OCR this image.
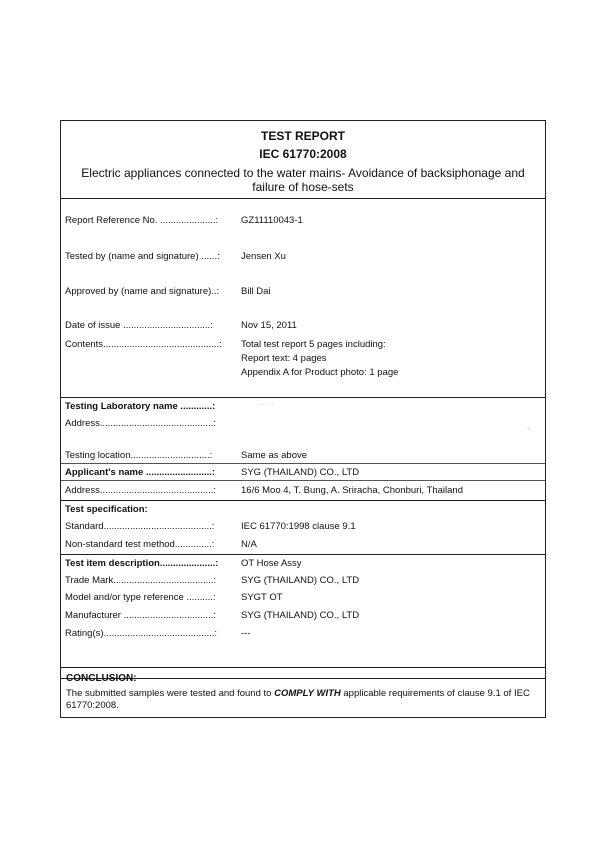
TEST REPORT
IEC 61770:2008
Electric appliances connected to the water mains- Avoidance of backsiphonage and failure of hose-sets
Report Reference No. .....................:	GZ11110043-1
Tested by (name and signature) ......:	Jensen Xu
Approved by (name and signature)..:	Bill Dai
Date of issue .................................:	Nov 15, 2011
Contents............................................:	Total test report 5 pages including:
Report text: 4 pages
Appendix A for Product photo: 1 page
Testing Laboratory name ............:	. . · ·
Address...........................................:	⸜
Testing location..............................:	Same as above
Applicant's name .........................:	SYG (THAILAND) CO., LTD
Address...........................................:	16/6 Moo 4, T. Bung, A. Sriracha, Chonburi, Thailand
Test specification:
Standard.........................................:	IEC 61770:1998 clause 9.1
Non-standard test method..............:	N/A
Test item description.....................:	OT Hose Assy
Trade Mark......................................:	SYG (THAILAND) CO., LTD
Model and/or type reference ..........:	SYGT OT
Manufacturer ..................................:	SYG (THAILAND) CO., LTD
Rating(s)..........................................:	---
CONCLUSION:
The submitted samples were tested and found to COMPLY WITH applicable requirements of clause 9.1 of IEC 61770:2008.
